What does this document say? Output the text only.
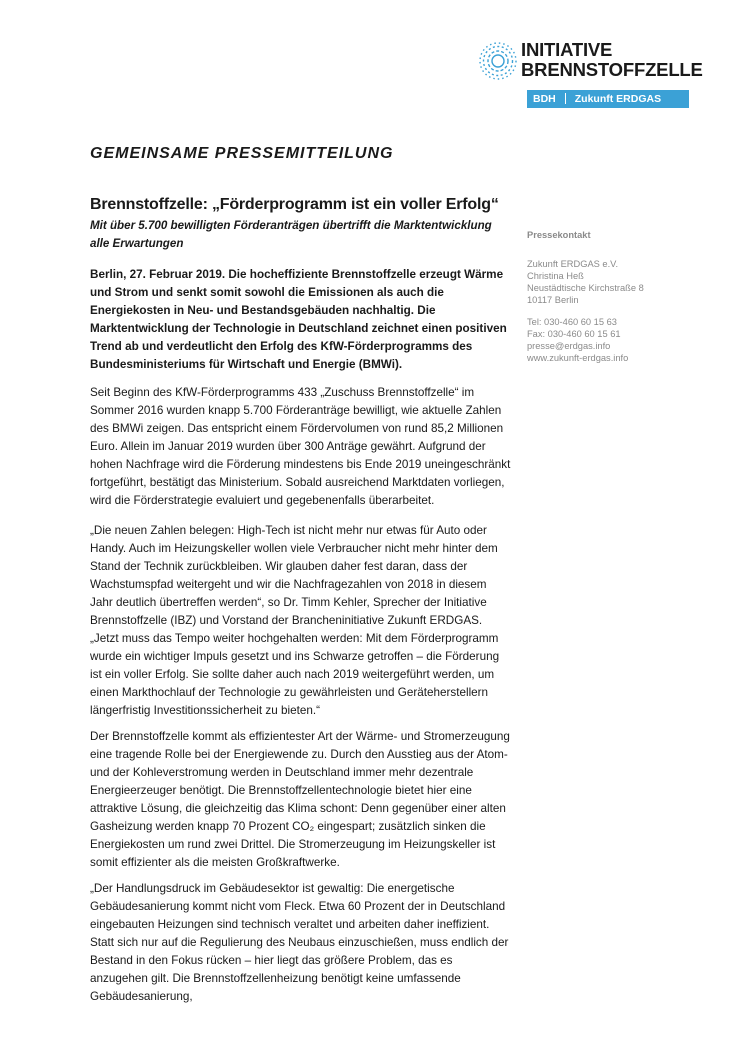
INITIATIVE
BRENNSTOFFZELLE
BDH Zukunft ERDGAS
GEMEINSAME PRESSEMITTEILUNG
Brennstoffzelle: „Förderprogramm ist ein voller Erfolg“
Mit über 5.700 bewilligten Förderanträgen übertrifft die Marktentwicklung alle Erwartungen

Berlin, 27. Februar 2019. Die hocheffiziente Brennstoffzelle erzeugt Wärme und Strom und senkt somit sowohl die Emissionen als auch die Energiekosten in Neu- und Bestandsgebäuden nachhaltig. Die Marktentwicklung der Technologie in Deutschland zeichnet einen positiven Trend ab und verdeutlicht den Erfolg des KfW-Förderprogramms des Bundesministeriums für Wirtschaft und Energie (BMWi).

Seit Beginn des KfW-Förderprogramms 433 „Zuschuss Brennstoffzelle“ im Sommer 2016 wurden knapp 5.700 Förderanträge bewilligt, wie aktuelle Zahlen des BMWi zeigen. Das entspricht einem Fördervolumen von rund 85,2 Millionen Euro. Allein im Januar 2019 wurden über 300 Anträge gewährt. Aufgrund der hohen Nachfrage wird die Förderung mindestens bis Ende 2019 uneingeschränkt fortgeführt, bestätigt das Ministerium. Sobald ausreichend Marktdaten vorliegen, wird die Förderstrategie evaluiert und gegebenenfalls überarbeitet.

„Die neuen Zahlen belegen: High-Tech ist nicht mehr nur etwas für Auto oder Handy. Auch im Heizungskeller wollen viele Verbraucher nicht mehr hinter dem Stand der Technik zurückbleiben. Wir glauben daher fest daran, dass der Wachstumspfad weitergeht und wir die Nachfragezahlen von 2018 in diesem Jahr deutlich übertreffen werden“, so Dr. Timm Kehler, Sprecher der Initiative Brennstoffzelle (IBZ) und Vorstand der Brancheninitiative Zukunft ERDGAS. „Jetzt muss das Tempo weiter hochgehalten werden: Mit dem Förderprogramm wurde ein wichtiger Impuls gesetzt und ins Schwarze getroffen – die Förderung ist ein voller Erfolg. Sie sollte daher auch nach 2019 weitergeführt werden, um einen Markthochlauf der Technologie zu gewährleisten und Geräteherstellern längerfristig Investitionssicherheit zu bieten.“

Der Brennstoffzelle kommt als effizientester Art der Wärme- und Stromerzeugung eine tragende Rolle bei der Energiewende zu. Durch den Ausstieg aus der Atom- und der Kohleverstromung werden in Deutschland immer mehr dezentrale Energieerzeuger benötigt. Die Brennstoffzellentechnologie bietet hier eine attraktive Lösung, die gleichzeitig das Klima schont: Denn gegenüber einer alten Gasheizung werden knapp 70 Prozent CO₂ eingespart; zusätzlich sinken die Energiekosten um rund zwei Drittel. Die Stromerzeugung im Heizungskeller ist somit effizienter als die meisten Großkraftwerke.

„Der Handlungsdruck im Gebäudesektor ist gewaltig: Die energetische Gebäudesanierung kommt nicht vom Fleck. Etwa 60 Prozent der in Deutschland eingebauten Heizungen sind technisch veraltet und arbeiten daher ineffizient. Statt sich nur auf die Regulierung des Neubaus einzuschießen, muss endlich der Bestand in den Fokus rücken – hier liegt das größere Problem, das es anzugehen gilt. Die Brennstoffzellenheizung benötigt keine umfassende Gebäudesanierung,

Pressekontakt
Zukunft ERDGAS e.V.
Christina Heß
Neustädtische Kirchstraße 8
10117 Berlin
Tel: 030-460 60 15 63
Fax: 030-460 60 15 61
presse@erdgas.info
www.zukunft-erdgas.info
